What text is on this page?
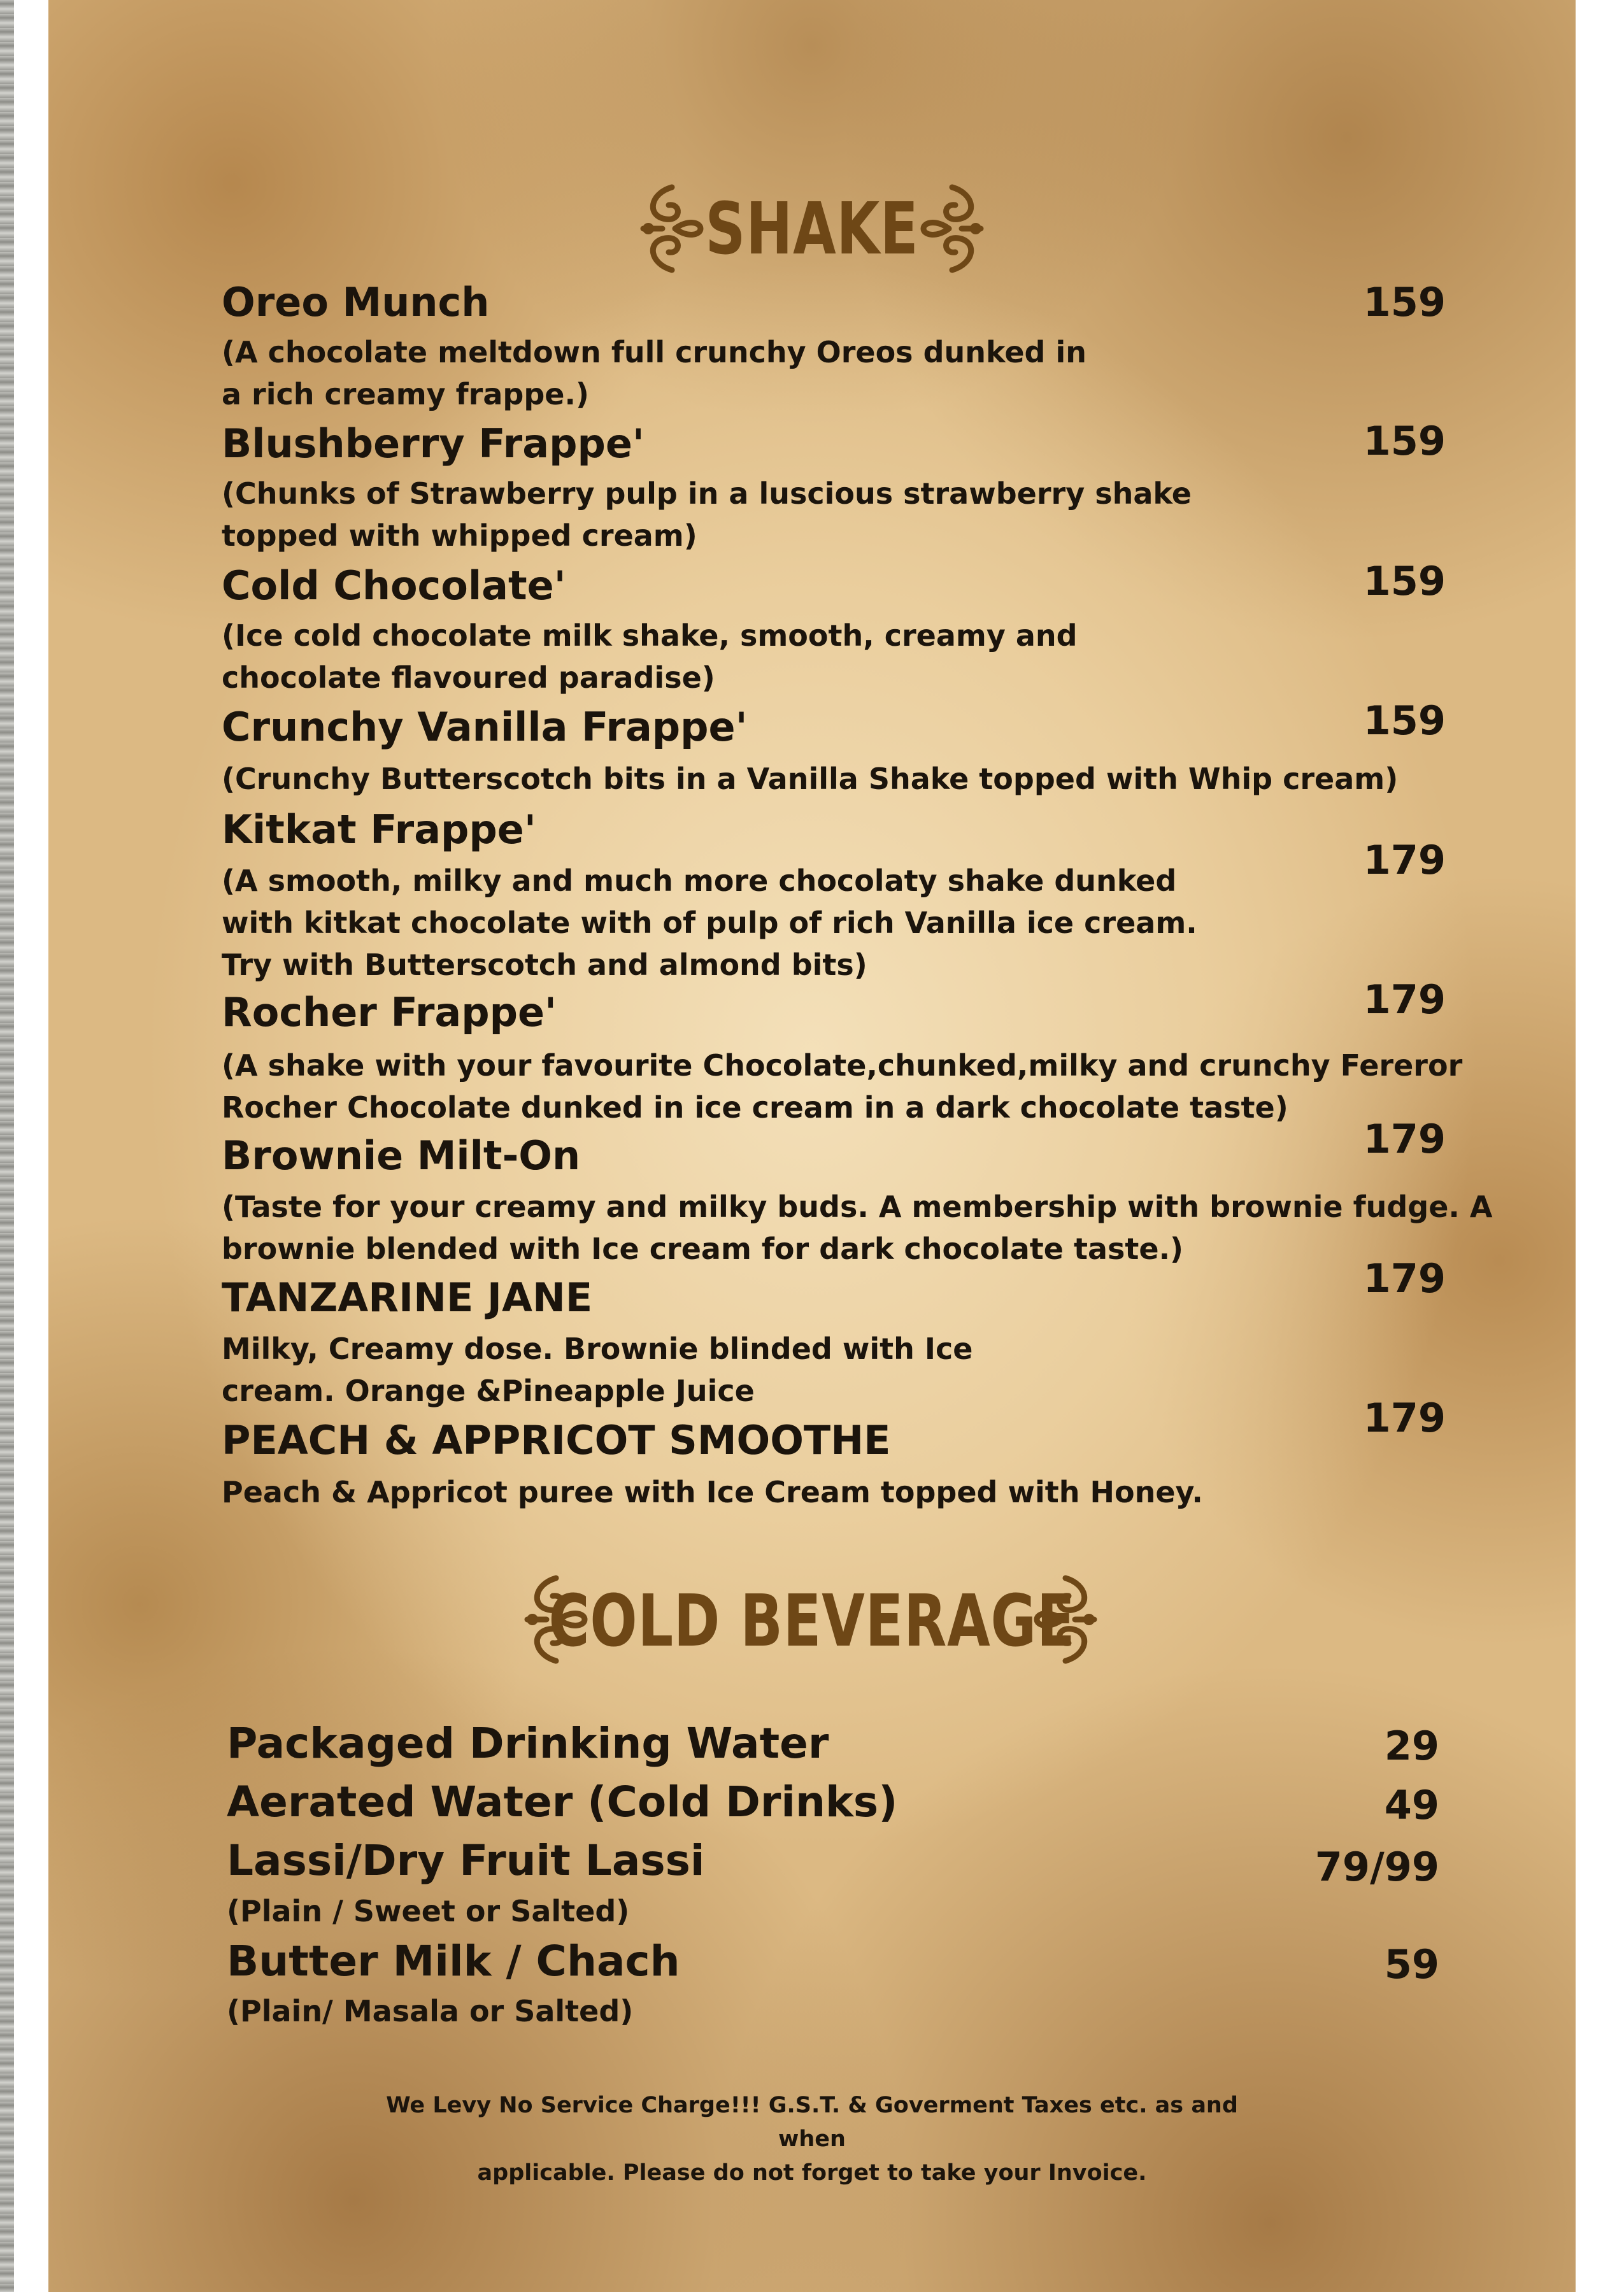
SHAKE
Oreo Munch
(A chocolate meltdown full crunchy Oreos dunked in a rich creamy frappe.)
159
Blushberry Frappe'
(Chunks of Strawberry pulp in a luscious strawberry shake topped with whipped cream)
159
Cold Chocolate'
(Ice cold chocolate milk shake, smooth, creamy and chocolate flavoured paradise)
159
Crunchy Vanilla Frappe'
(Crunchy Butterscotch bits in a Vanilla Shake topped with Whip cream)
159
Kitkat Frappe'
(A smooth, milky and much more chocolaty shake dunked with kitkat chocolate with of pulp of rich Vanilla ice cream. Try with Butterscotch and almond bits)
179
Rocher Frappe'
(A shake with your favourite Chocolate,chunked,milky and crunchy Fereror Rocher Chocolate dunked in ice cream in a dark chocolate taste)
179
Brownie Milt-On
(Taste for your creamy and milky buds. A membership with brownie fudge. A brownie blended with Ice cream for dark chocolate taste.)
179
TANZARINE JANE
Milky, Creamy dose. Brownie blinded with Ice cream. Orange &Pineapple Juice
179
PEACH & APPRICOT SMOOTHE
Peach & Appricot puree with Ice Cream topped with Honey.
179
COLD BEVERAGE
Packaged Drinking Water	29
Aerated Water (Cold Drinks)	49
Lassi/Dry Fruit Lassi
(Plain / Sweet or Salted)
79/99
Butter Milk / Chach
(Plain/ Masala or Salted)
59
We Levy No Service Charge!!! G.S.T. & Goverment Taxes etc. as and when
applicable. Please do not forget to take your Invoice.
